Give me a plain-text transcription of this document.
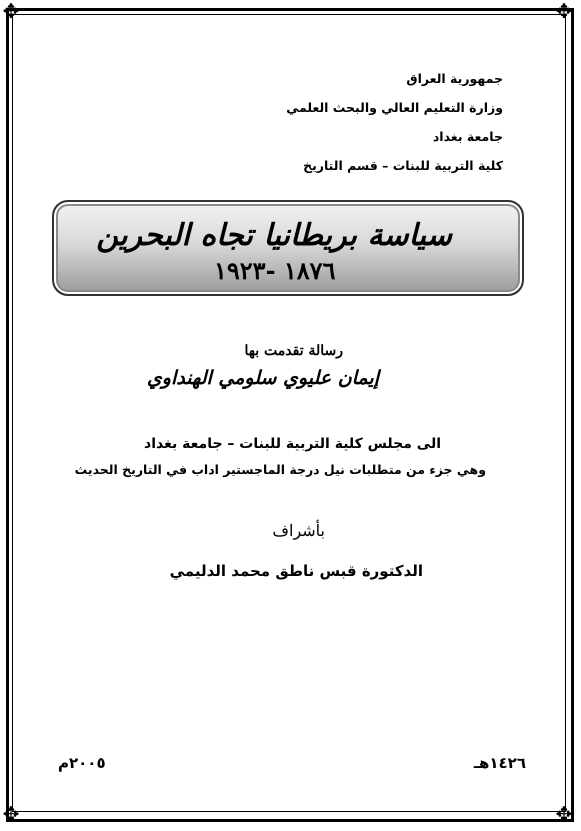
✥	✥
✥	✥
جمهورية العراق
وزارة التعليم العالي والبحث العلمي
جامعة بغداد
كلية التربية للبنات – قسم التاريخ
سياسة بريطانيا تجاه البحرين
١٨٧٦ -١٩٢٣
رسالة تقدمت بها
إيمان عليوي سلومي الهنداوي
الى مجلس كلية التربية للبنات – جامعة بغداد
وهي جزء من متطلبات نيل درجة الماجستير اداب في التاريخ الحديث
بأشراف
الدكتورة قبس ناطق محمد الدليمي
١٤٢٦هـ
٢٠٠٥م
